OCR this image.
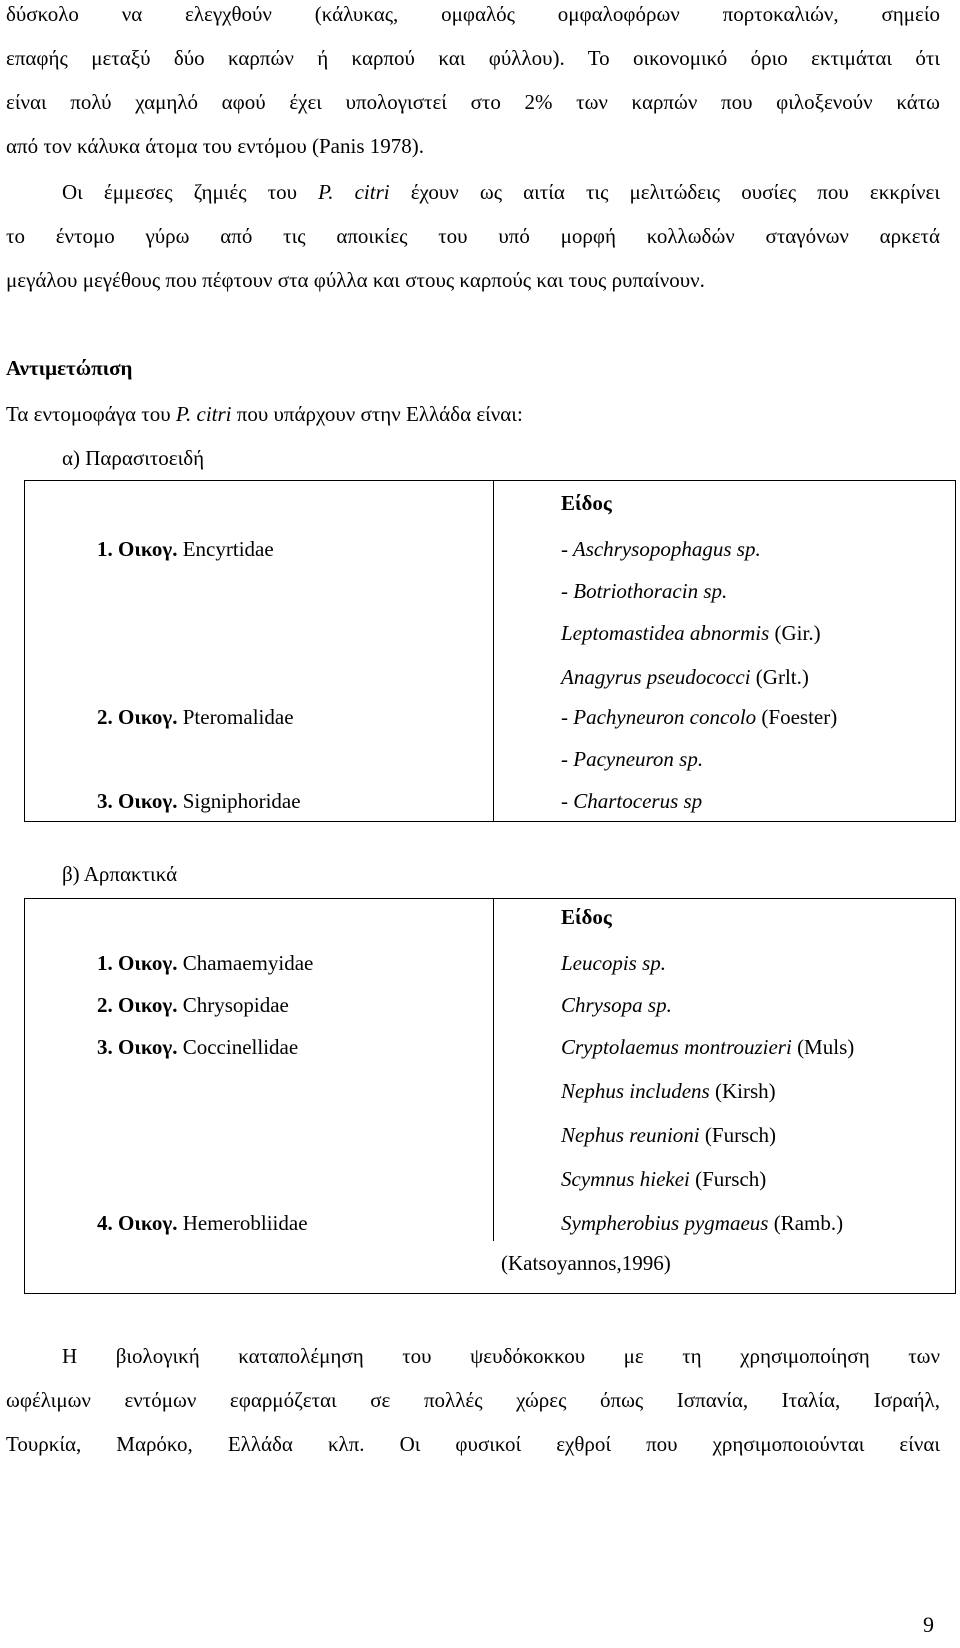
δύσκολο να ελεγχθούν (κάλυκας, ομφαλός ομφαλοφόρων πορτοκαλιών, σημείο
επαφής μεταξύ δύο καρπών ή καρπού και φύλλου). Το οικονομικό όριο εκτιμάται ότι
είναι πολύ χαμηλό αφού έχει υπολογιστεί στο 2% των καρπών που φιλοξενούν κάτω
από τον κάλυκα άτομα του εντόμου (Panis 1978).
Οι έμμεσες ζημιές του P. citri έχουν ως αιτία τις μελιτώδεις ουσίες που εκκρίνει
το έντομο γύρω από τις αποικίες του υπό μορφή κολλωδών σταγόνων αρκετά
μεγάλου μεγέθους που πέφτουν στα φύλλα και στους καρπούς και τους ρυπαίνουν.
Αντιμετώπιση
Τα εντομοφάγα του P. citri που υπάρχουν στην Ελλάδα είναι:
α) Παρασιτοειδή
Είδος
1. Οικογ. Encyrtidae	- Aschrysopophagus sp.
- Botriothoracin sp.
Leptomastidea abnormis (Gir.)
Anagyrus pseudococci (Grlt.)
2. Οικογ. Pteromalidae	- Pachyneuron concolo (Foester)
- Pacyneuron sp.
3. Οικογ. Signiphoridae	- Chartocerus sp
β) Αρπακτικά
Είδος
1. Οικογ. Chamaemyidae	Leucopis sp.
2. Οικογ. Chrysopidae	Chrysopa sp.
3. Οικογ. Coccinellidae	Cryptolaemus montrouzieri (Muls)
Nephus includens (Kirsh)
Nephus reunioni (Fursch)
Scymnus hiekei (Fursch)
4. Οικογ. Hemerobliidae	Sympherobius pygmaeus (Ramb.)
(Katsoyannos,1996)
Η βιολογική καταπολέμηση του ψευδόκοκκου με τη χρησιμοποίηση των
ωφέλιμων εντόμων εφαρμόζεται σε πολλές χώρες όπως Ισπανία, Ιταλία, Ισραήλ,
Τουρκία, Μαρόκο, Ελλάδα κλπ. Οι φυσικοί εχθροί που χρησιμοποιούνται είναι
9
